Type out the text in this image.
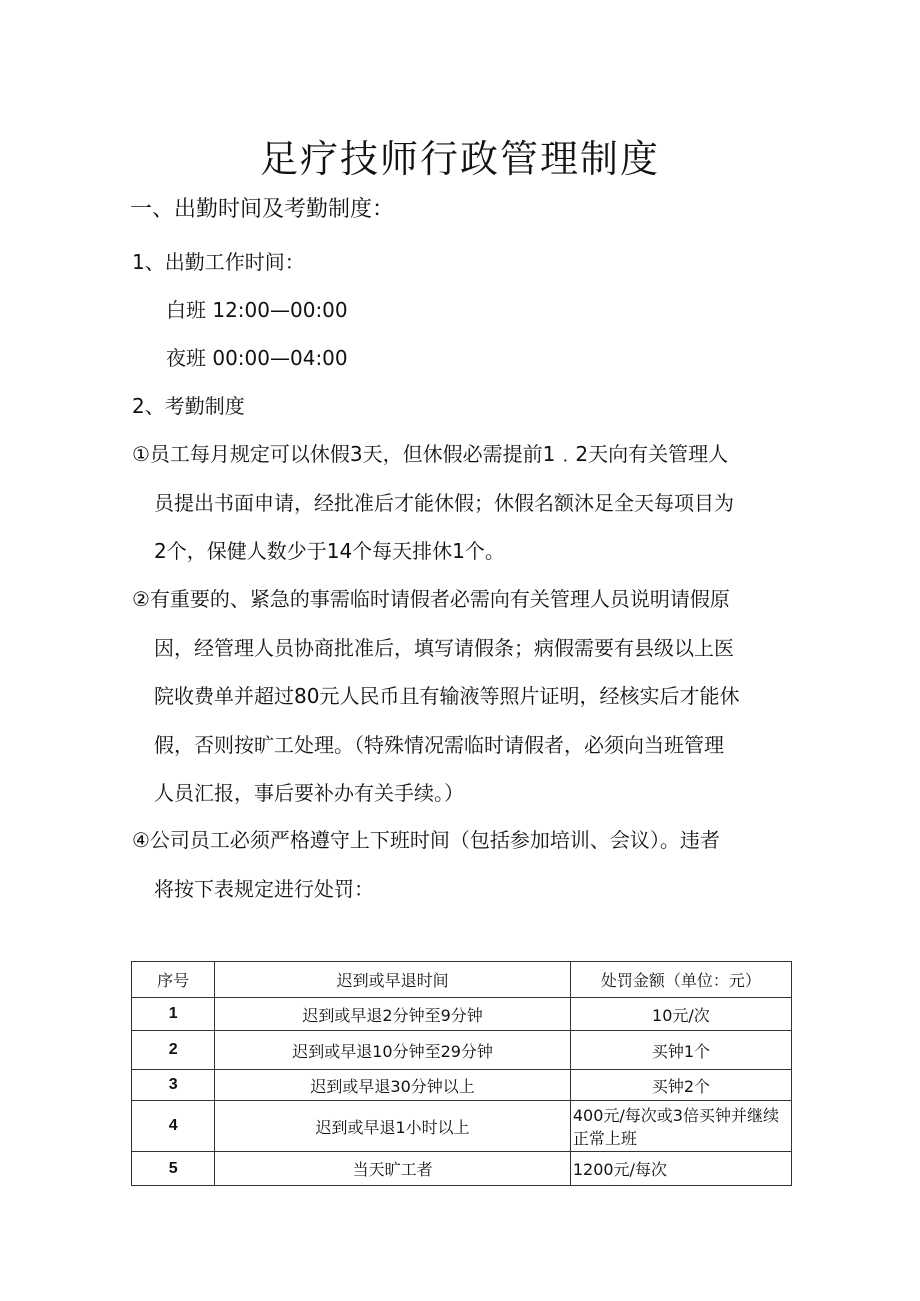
足疗技师行政管理制度
一、出勤时间及考勤制度：
1、出勤工作时间：
白班 12:00—00:00
夜班 00:00—04:00
2、考勤制度
①员工每月规定可以休假3天，但休假必需提前1﹒2天向有关管理人
员提出书面申请，经批准后才能休假；休假名额沐足全天每项目为
2个，保健人数少于14个每天排休1个。
②有重要的、紧急的事需临时请假者必需向有关管理人员说明请假原
因，经管理人员协商批准后，填写请假条；病假需要有县级以上医
院收费单并超过80元人民币且有输液等照片证明，经核实后才能休
假，否则按旷工处理。（特殊情况需临时请假者，必须向当班管理
人员汇报，事后要补办有关手续。）
④公司员工必须严格遵守上下班时间（包括参加培训、会议）。违者
将按下表规定进行处罚：
序号	迟到或早退时间	处罚金额（单位：元）
1	迟到或早退2分钟至9分钟	10元/次
2	迟到或早退10分钟至29分钟	买钟1个
3	迟到或早退30分钟以上	买钟2个
4	迟到或早退1小时以上	400元/每次或3倍买钟并继续正常上班
5	当天旷工者	1200元/每次
